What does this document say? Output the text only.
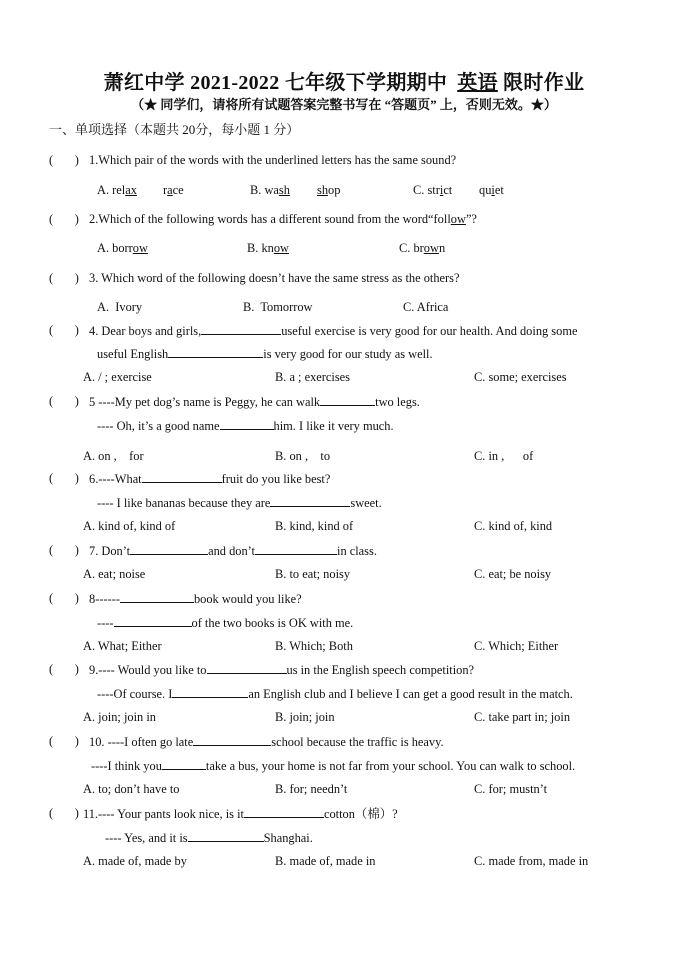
萧红中学 2021-2022 七年级下学期期中 英语 限时作业
（★ 同学们，请将所有试题答案完整书写在 “答题页” 上，否则无效。★）
一、单项选择（本题共 20分，每小题 1 分）
(       ) 1.Which pair of the words with the underlined letters has the same sound?
A. relax race	B. wash shop	C. strict quiet
(       ) 2.Which of the following words has a different sound from the word“follow”?
A. borrow	B. know	C. brown
(       ) 3. Which word of the following doesn’t have the same stress as the others?
A.  Ivory	B.  Tomorrow	C. Africa
(       ) 4. Dear boys and girls,	useful exercise is very good for our health. And doing some
useful English	is very good for our study as well.
A. / ; exercise	B. a ; exercises	C. some; exercises
(       ) 5 ----My pet dog’s name is Peggy, he can walk	two legs.
---- Oh, it’s a good name	him. I like it very much.
A. on ,    for	B. on ,    to	C. in ,      of
(       ) 6.----What	fruit do you like best?
---- I like bananas because they are	sweet.
A. kind of, kind of	B. kind, kind of	C. kind of, kind
(       ) 7. Don’t	and don’t	in class.
A. eat; noise	B. to eat; noisy	C. eat; be noisy
(       ) 8------	book would you like?
----	of the two books is OK with me.
A. What; Either	B. Which; Both	C. Which; Either
(       ) 9.---- Would you like to	us in the English speech competition?
----Of course. I	an English club and I believe I can get a good result in the match.
A. join; join in	B. join; join	C. take part in; join
(       ) 10. ----I often go late	school because the traffic is heavy.
----I think you	take a bus, your home is not far from your school. You can walk to school.
A. to; don’t have to	B. for; needn’t	C. for; mustn’t
(       ) 11.---- Your pants look nice, is it	cotton（棉）?
---- Yes, and it is	Shanghai.
A. made of, made by	B. made of, made in	C. made from, made in
